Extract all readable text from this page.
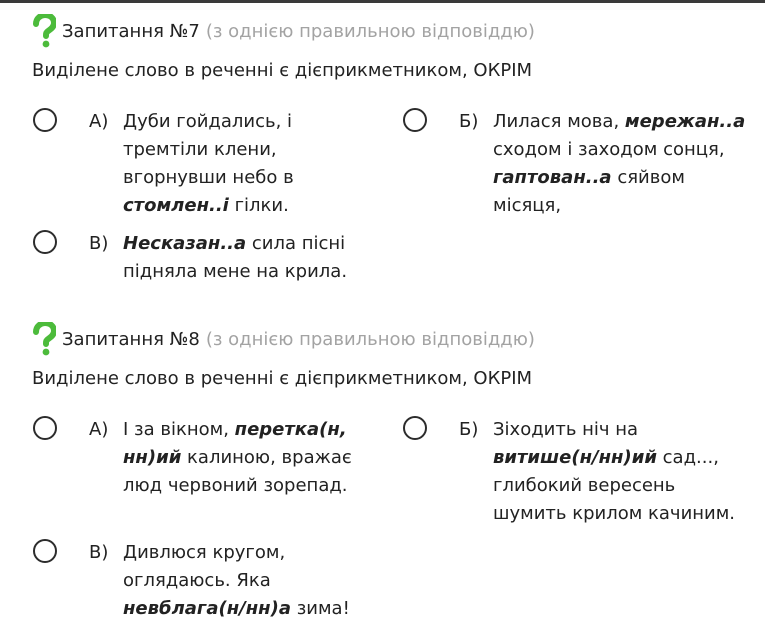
Запитання №7 (з однією правильною відповіддю)
Виділене слово в реченні є дієприкметником, ОКРІМ
А) Дуби гойдались, і
тремтіли клени,
вгорнувши небо в
стомлен..і гілки.
Б) Лилася мова, мережан..а
сходом і заходом сонця,
гаптован..а сяйвом
місяця,
В) Несказан..а сила пісні
підняла мене на крила.
Запитання №8 (з однією правильною відповіддю)
Виділене слово в реченні є дієприкметником, ОКРІМ
А) І за вікном, перетка(н,
нн)ий калиною, вражає
люд червоний зорепад.
Б) Зіходить ніч на
витише(н/нн)ий сад...,
глибокий вересень
шумить крилом качиним.
В) Дивлюся кругом,
оглядаюсь. Яка
невблага(н/нн)а зима!
